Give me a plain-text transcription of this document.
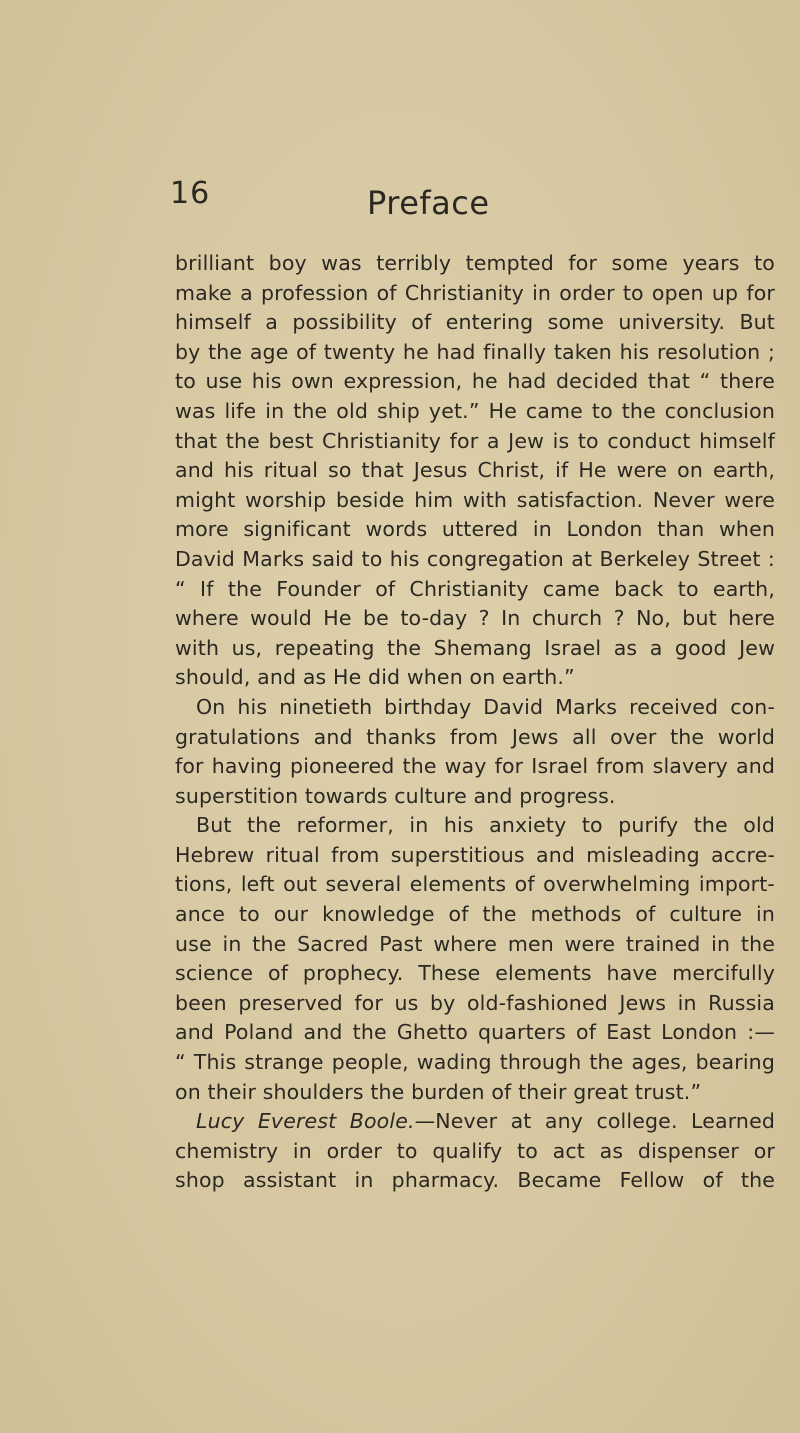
16	Preface
brilliant boy was terribly tempted for some years to
make a profession of Christianity in order to open up for
himself a possibility of entering some university. But
by the age of twenty he had finally taken his resolution ;
to use his own expression, he had decided that “ there
was life in the old ship yet.” He came to the conclusion
that the best Christianity for a Jew is to conduct himself
and his ritual so that Jesus Christ, if He were on earth,
might worship beside him with satisfaction. Never were
more significant words uttered in London than when
David Marks said to his congregation at Berkeley Street :
“ If the Founder of Christianity came back to earth,
where would He be to-day ? In church ? No, but here
with us, repeating the Shemang Israel as a good Jew
should, and as He did when on earth.”
On his ninetieth birthday David Marks received con-
gratulations and thanks from Jews all over the world
for having pioneered the way for Israel from slavery and
superstition towards culture and progress.
But the reformer, in his anxiety to purify the old
Hebrew ritual from superstitious and misleading accre-
tions, left out several elements of overwhelming import-
ance to our knowledge of the methods of culture in
use in the Sacred Past where men were trained in the
science of prophecy. These elements have mercifully
been preserved for us by old-fashioned Jews in Russia
and Poland and the Ghetto quarters of East London :—
“ This strange people, wading through the ages, bearing
on their shoulders the burden of their great trust.”
Lucy Everest Boole.—Never at any college. Learned
chemistry in order to qualify to act as dispenser or
shop assistant in pharmacy. Became Fellow of the
